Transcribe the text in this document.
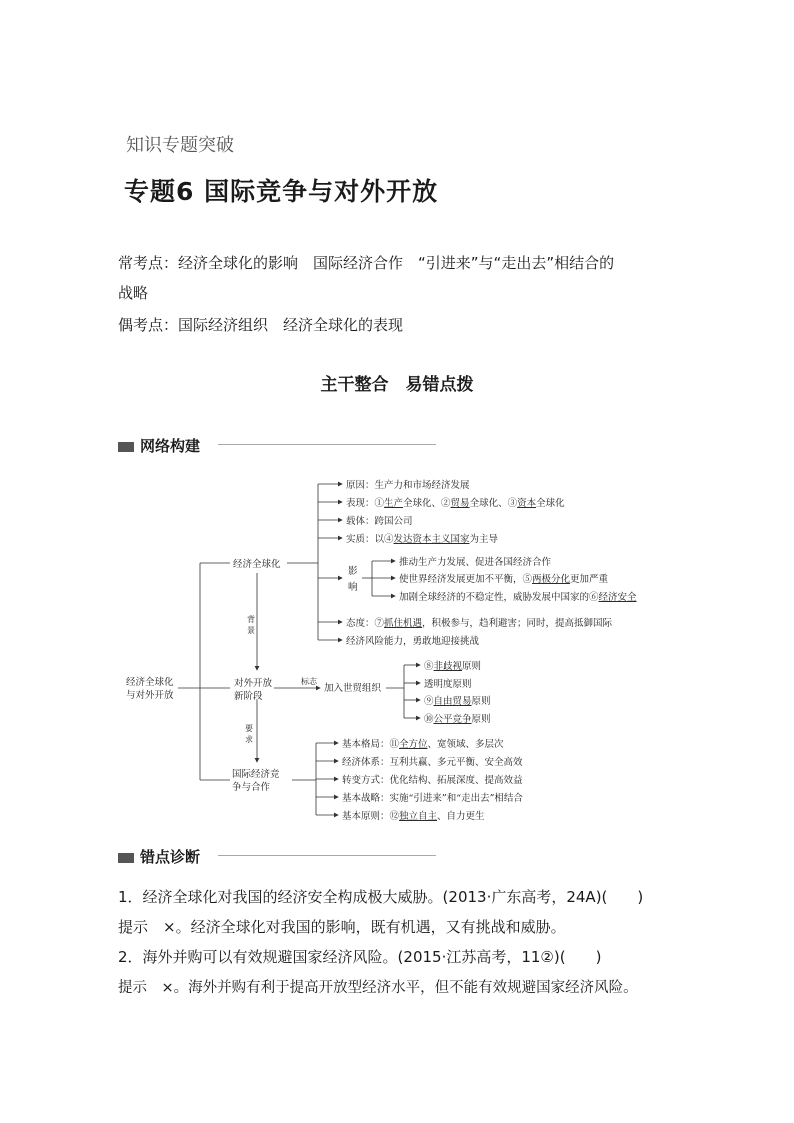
知识专题突破
专题6 国际竞争与对外开放
常考点：经济全球化的影响　国际经济合作　“引进来”与“走出去”相结合的
战略
偶考点：国际经济组织　经济全球化的表现
主干整合　易错点拨
网络构建
经济全球化
与对外开放
经济全球化
对外开放
新阶段
国际经济竞
争与合作
背
景
要
求
标志
加入世贸组织
原因：生产力和市场经济发展
表现：①生产全球化、②贸易全球化、③资本全球化
载体：跨国公司
实质：以④发达资本主义国家为主导
影
响
推动生产力发展、促进各国经济合作
使世界经济发展更加不平衡，⑤两极分化更加严重
加剧全球经济的不稳定性，威胁发展中国家的⑥经济安全
态度：⑦抓住机遇，积极参与，趋利避害；同时，提高抵御国际
经济风险能力，勇敢地迎接挑战
⑧非歧视原则
透明度原则
⑨自由贸易原则
⑩公平竞争原则
基本格局：⑪全方位、宽领域、多层次
经济体系：互利共赢、多元平衡、安全高效
转变方式：优化结构、拓展深度、提高效益
基本战略：实施“引进来”和“走出去”相结合
基本原则：⑫独立自主、自力更生
错点诊断
1．经济全球化对我国的经济安全构成极大威胁。(2013·广东高考，24A)(　　)
提示　×。经济全球化对我国的影响，既有机遇，又有挑战和威胁。
2．海外并购可以有效规避国家经济风险。(2015·江苏高考，11②)(　　)
提示　×。海外并购有利于提高开放型经济水平，但不能有效规避国家经济风险。
